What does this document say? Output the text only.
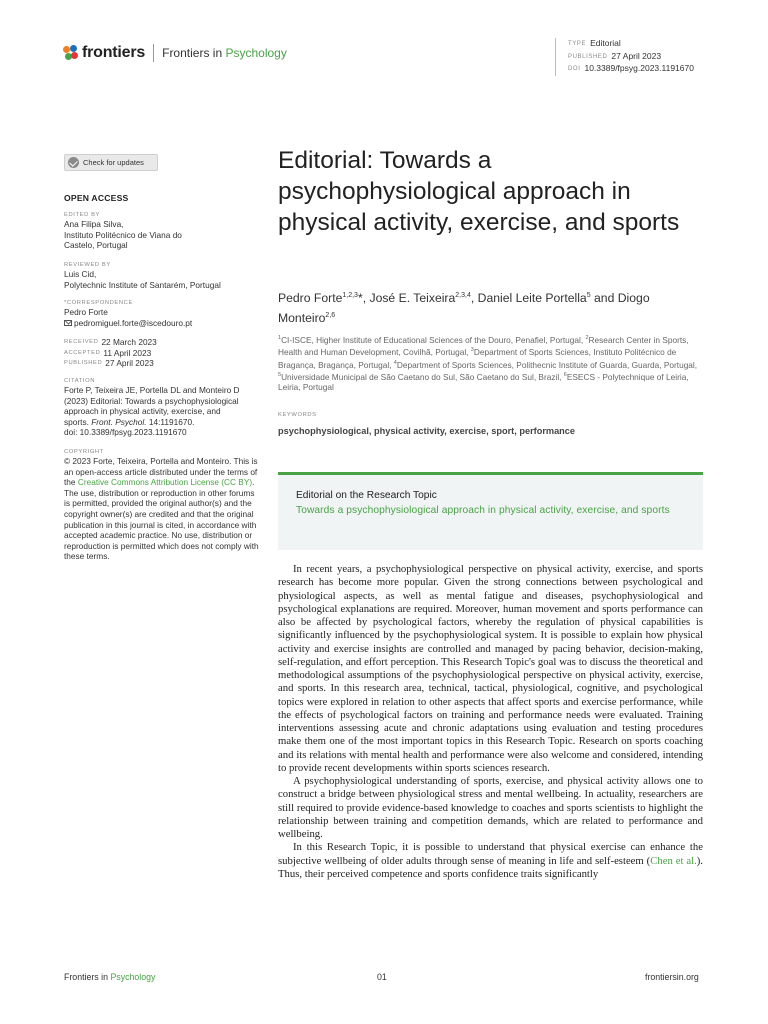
frontiers Frontiers in Psychology
TYPE Editorial
PUBLISHED 27 April 2023
DOI 10.3389/fpsyg.2023.1191670
Check for updates
OPEN ACCESS
EDITED BY
Ana Filipa Silva,
Instituto Politécnico de Viana do
Castelo, Portugal
REVIEWED BY
Luis Cid,
Polytechnic Institute of Santarém, Portugal
*CORRESPONDENCE
Pedro Forte
pedromiguel.forte@iscedouro.pt
RECEIVED 22 March 2023
ACCEPTED 11 April 2023
PUBLISHED 27 April 2023
CITATION
Forte P, Teixeira JE, Portella DL and Monteiro D
(2023) Editorial: Towards a psychophysiological
approach in physical activity, exercise, and
sports. Front. Psychol. 14:1191670.
doi: 10.3389/fpsyg.2023.1191670
COPYRIGHT
© 2023 Forte, Teixeira, Portella and Monteiro. This is an open-access article distributed under the terms of the Creative Commons Attribution License (CC BY). The use, distribution or reproduction in other forums is permitted, provided the original author(s) and the copyright owner(s) are credited and that the original publication in this journal is cited, in accordance with accepted academic practice. No use, distribution or reproduction is permitted which does not comply with these terms.
Editorial: Towards a psychophysiological approach in physical activity, exercise, and sports
Pedro Forte$^{1,2,3}$*, José E. Teixeira$^{2,3,4}$, Daniel Leite Portella$^5$ and Diogo Monteiro$^{2,6}$
$^1$CI-ISCE, Higher Institute of Educational Sciences of the Douro, Penafiel, Portugal, $^2$Research Center in Sports, Health and Human Development, Covilhã, Portugal, $^3$Department of Sports Sciences, Instituto Politécnico de Bragança, Bragança, Portugal, $^4$Department of Sports Sciences, Polithecnic Institute of Guarda, Guarda, Portugal, $^5$Universidade Municipal de São Caetano do Sul, São Caetano do Sul, Brazil, $^6$ESECS - Polytechnique of Leiria, Leiria, Portugal
KEYWORDS
psychophysiological, physical activity, exercise, sport, performance
Editorial on the Research Topic
Towards a psychophysiological approach in physical activity, exercise, and sports

In recent years, a psychophysiological perspective on physical activity, exercise, and sports research has become more popular. Given the strong connections between psychological and physiological aspects, as well as mental fatigue and diseases, psychophysiological and psychological explanations are required. Moreover, human movement and sports performance can also be affected by psychological factors, whereby the regulation of physical capabilities is significantly influenced by the psychophysiological system. It is possible to explain how physical activity and exercise insights are controlled and managed by pacing behavior, decision-making, self-regulation, and effort perception. This Research Topic's goal was to discuss the theoretical and methodological assumptions of the psychophysiological perspective on physical activity, exercise, and sports. In this research area, technical, tactical, physiological, cognitive, and psychological topics were explored in relation to other aspects that affect sports and exercise performance, while the effects of psychological factors on training and performance needs were evaluated. Training interventions assessing acute and chronic adaptations using evaluation and testing procedures make them one of the most important topics in this Research Topic. Research on sports coaching and its relations with mental health and performance were also welcome and considered, intending to provide recent developments within sports sciences research.

A psychophysiological understanding of sports, exercise, and physical activity allows one to construct a bridge between physiological stress and mental wellbeing. In actuality, researchers are still required to provide evidence-based knowledge to coaches and sports scientists to highlight the relationship between training and competition demands, which are related to performance and wellbeing.

In this Research Topic, it is possible to understand that physical exercise can enhance the subjective wellbeing of older adults through sense of meaning in life and self-esteem (Chen et al.). Thus, their perceived competence and sports confidence traits significantly

Frontiers in Psychology	01	frontiersin.org
